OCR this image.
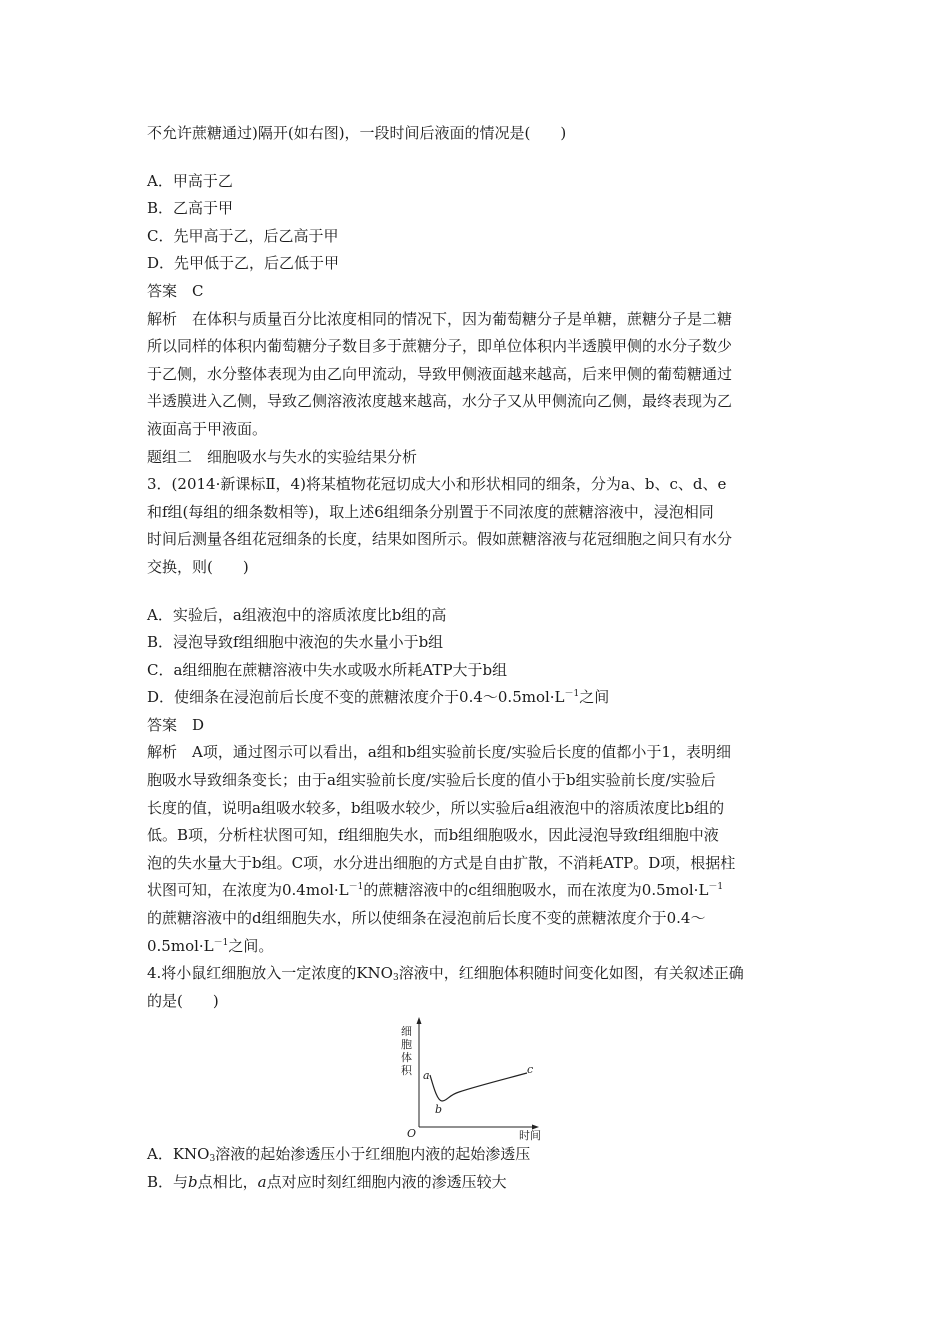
不允许蔗糖通过)隔开(如右图)，一段时间后液面的情况是(　　)
A．甲高于乙
B．乙高于甲
C．先甲高于乙，后乙高于甲
D．先甲低于乙，后乙低于甲
答案　C
解析　在体积与质量百分比浓度相同的情况下，因为葡萄糖分子是单糖，蔗糖分子是二糖
所以同样的体积内葡萄糖分子数目多于蔗糖分子，即单位体积内半透膜甲侧的水分子数少
于乙侧，水分整体表现为由乙向甲流动，导致甲侧液面越来越高，后来甲侧的葡萄糖通过
半透膜进入乙侧，导致乙侧溶液浓度越来越高，水分子又从甲侧流向乙侧，最终表现为乙
液面高于甲液面。
题组二　细胞吸水与失水的实验结果分析
3．(2014·新课标Ⅱ，4)将某植物花冠切成大小和形状相同的细条，分为a、b、c、d、e
和f组(每组的细条数相等)，取上述6组细条分别置于不同浓度的蔗糖溶液中，浸泡相同
时间后测量各组花冠细条的长度，结果如图所示。假如蔗糖溶液与花冠细胞之间只有水分
交换，则(　　)
A．实验后，a组液泡中的溶质浓度比b组的高
B．浸泡导致f组细胞中液泡的失水量小于b组
C．a组细胞在蔗糖溶液中失水或吸水所耗ATP大于b组
D．使细条在浸泡前后长度不变的蔗糖浓度介于$0.4\sim 0.5mol\cdot L^{-1}$之间
答案　D
解析　A项，通过图示可以看出，a组和b组实验前长度/实验后长度的值都小于1，表明细
胞吸水导致细条变长；由于a组实验前长度/实验后长度的值小于b组实验前长度/实验后
长度的值，说明a组吸水较多，b组吸水较少，所以实验后a组液泡中的溶质浓度比b组的
低。B项，分析柱状图可知，f组细胞失水，而b组细胞吸水，因此浸泡导致f组细胞中液
泡的失水量大于b组。C项，水分进出细胞的方式是自由扩散，不消耗ATP。D项，根据柱
状图可知，在浓度为$0.4mol\cdot L^{-1}$的蔗糖溶液中的c组细胞吸水，而在浓度为$0.5mol\cdot L^{-1}$
的蔗糖溶液中的d组细胞失水，所以使细条在浸泡前后长度不变的蔗糖浓度介于0.4～
$0.5mol\cdot L^{-1}$之间。
4.将小鼠红细胞放入一定浓度的$KNO_3$溶液中，红细胞体积随时间变化如图，有关叙述正确
的是(　　)
细
胞
体
积
O	时间
a
b
c
A．$KNO_3$溶液的起始渗透压小于红细胞内液的起始渗透压
B．与b点相比，a点对应时刻红细胞内液的渗透压较大
